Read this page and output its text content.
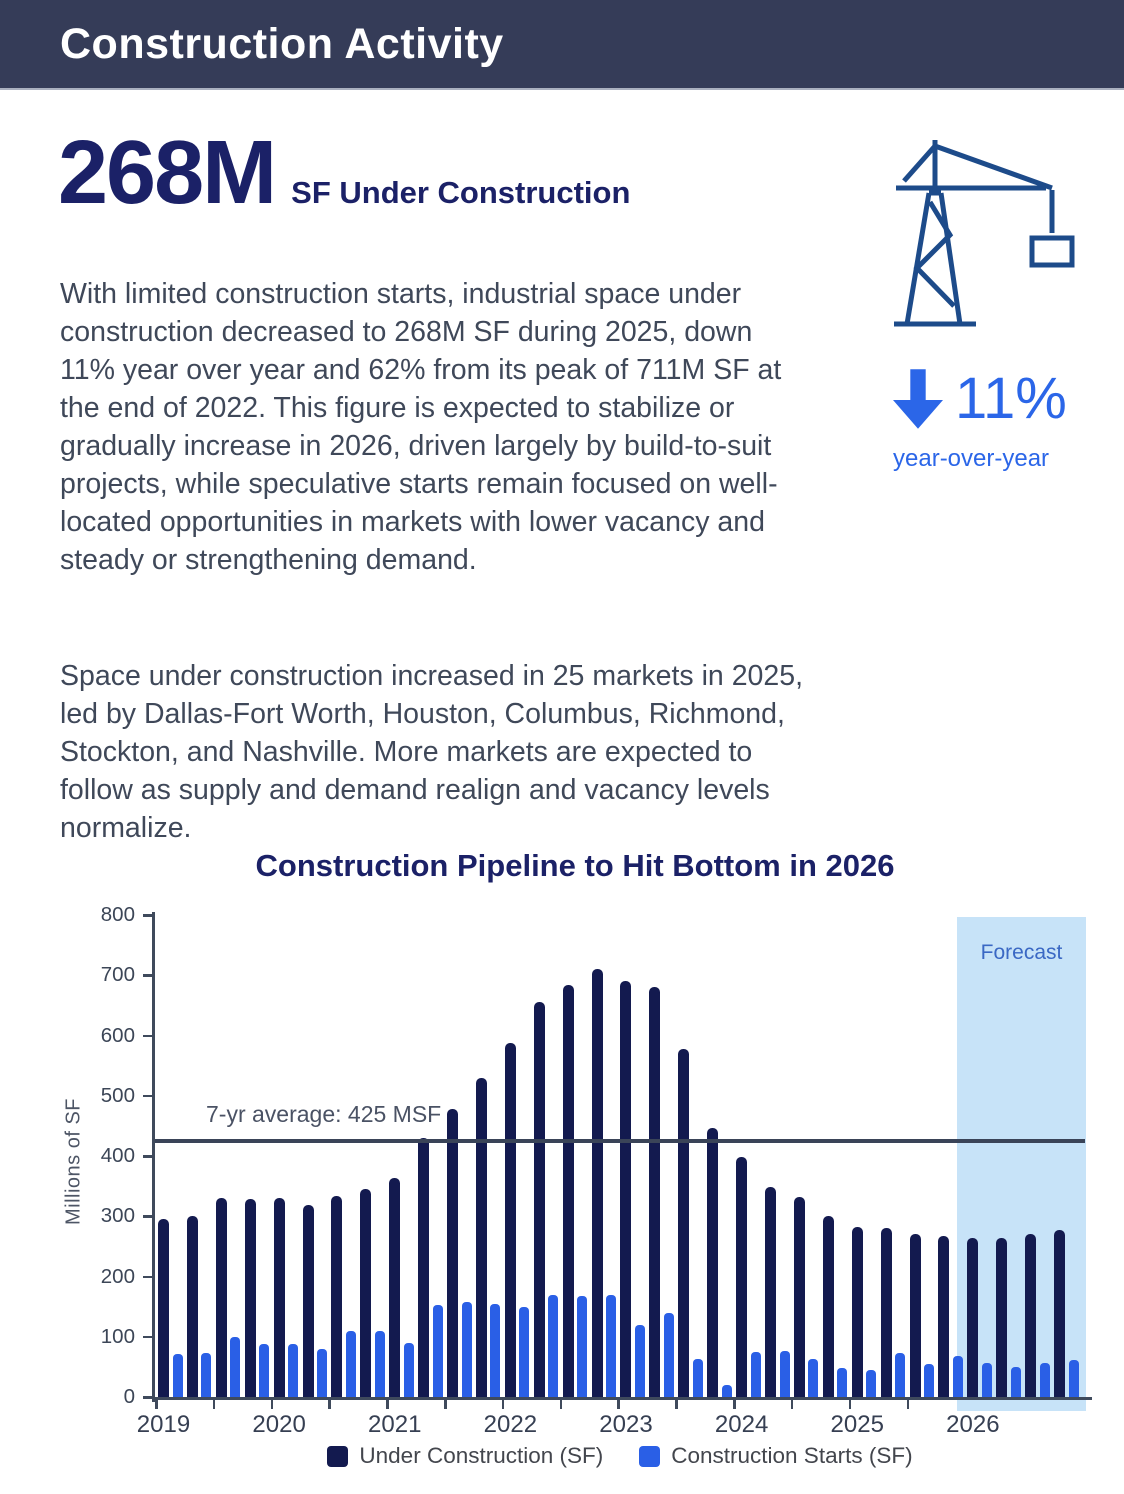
Construction Activity
268M SF Under Construction

With limited construction starts, industrial space under construction decreased to 268M SF during 2025, down 11% year over year and 62% from its peak of 711M SF at the end of 2022. This figure is expected to stabilize or gradually increase in 2026, driven largely by build-to-suit projects, while speculative starts remain focused on well-located opportunities in markets with lower vacancy and steady or strengthening demand.

Space under construction increased in 25 markets in 2025, led by Dallas-Fort Worth, Houston, Columbus, Richmond, Stockton, and Nashville. More markets are expected to follow as supply and demand realign and vacancy levels normalize.

11%
year-over-year
Construction Pipeline to Hit Bottom in 2026
Forecast
0
100
200
300
400
500
600
700
800
2019	2020	2021	2022	2023	2024	2025	2026
7-yr average: 425 MSF
Millions of SF
Under Construction (SF)	Construction Starts (SF)
